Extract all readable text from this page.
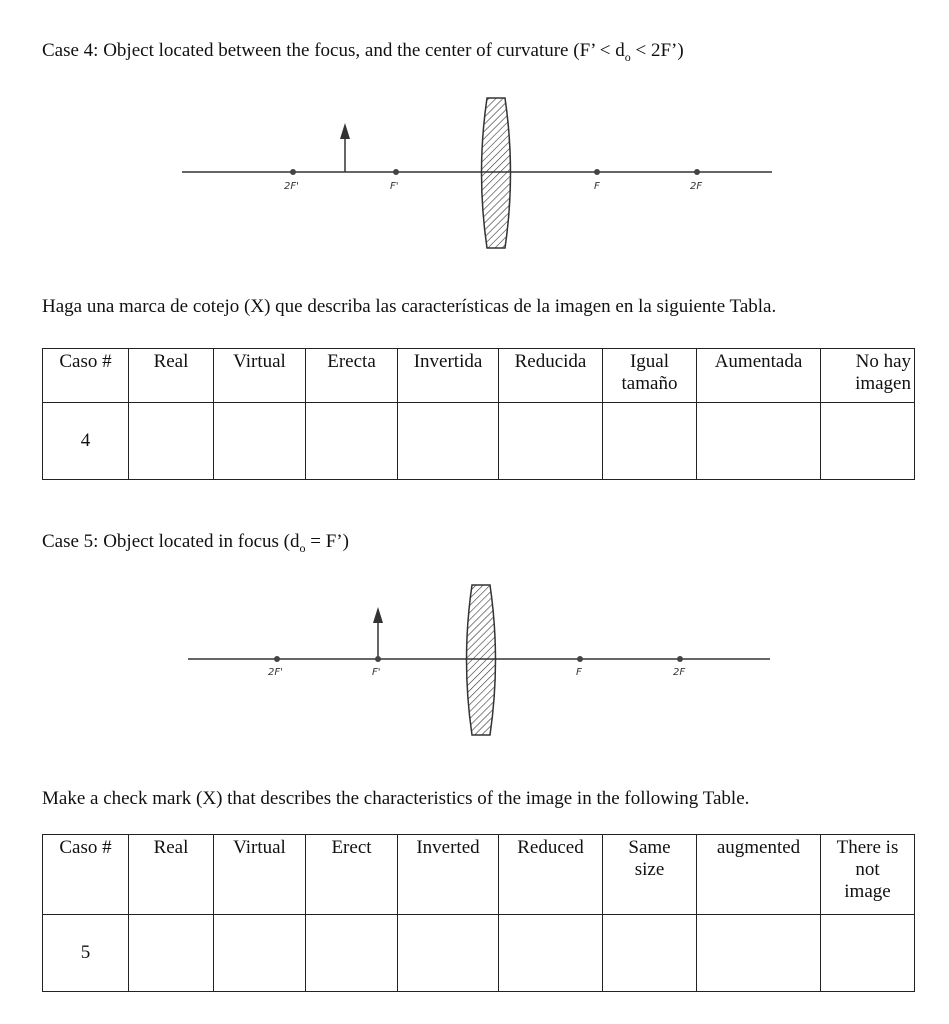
Case 4: Object located between the focus, and the center of curvature (F’ < $d_o$ < 2F’)
2F'	F'	F	2F
2F'	F'	F	2F
Haga una marca de cotejo (X) que describa las características de la imagen en la siguiente Tabla.
Caso #	Real	Virtual	Erecta	Invertida	Reducida	Igual tamaño	Aumentada	No hay imagen
4								
Case 5: Object located in focus ($d_o$ = F’)
Make a check mark (X) that describes the characteristics of the image in the following Table.
Caso #	Real	Virtual	Erect	Inverted	Reduced	Same size	augmented	There is not image
5								
